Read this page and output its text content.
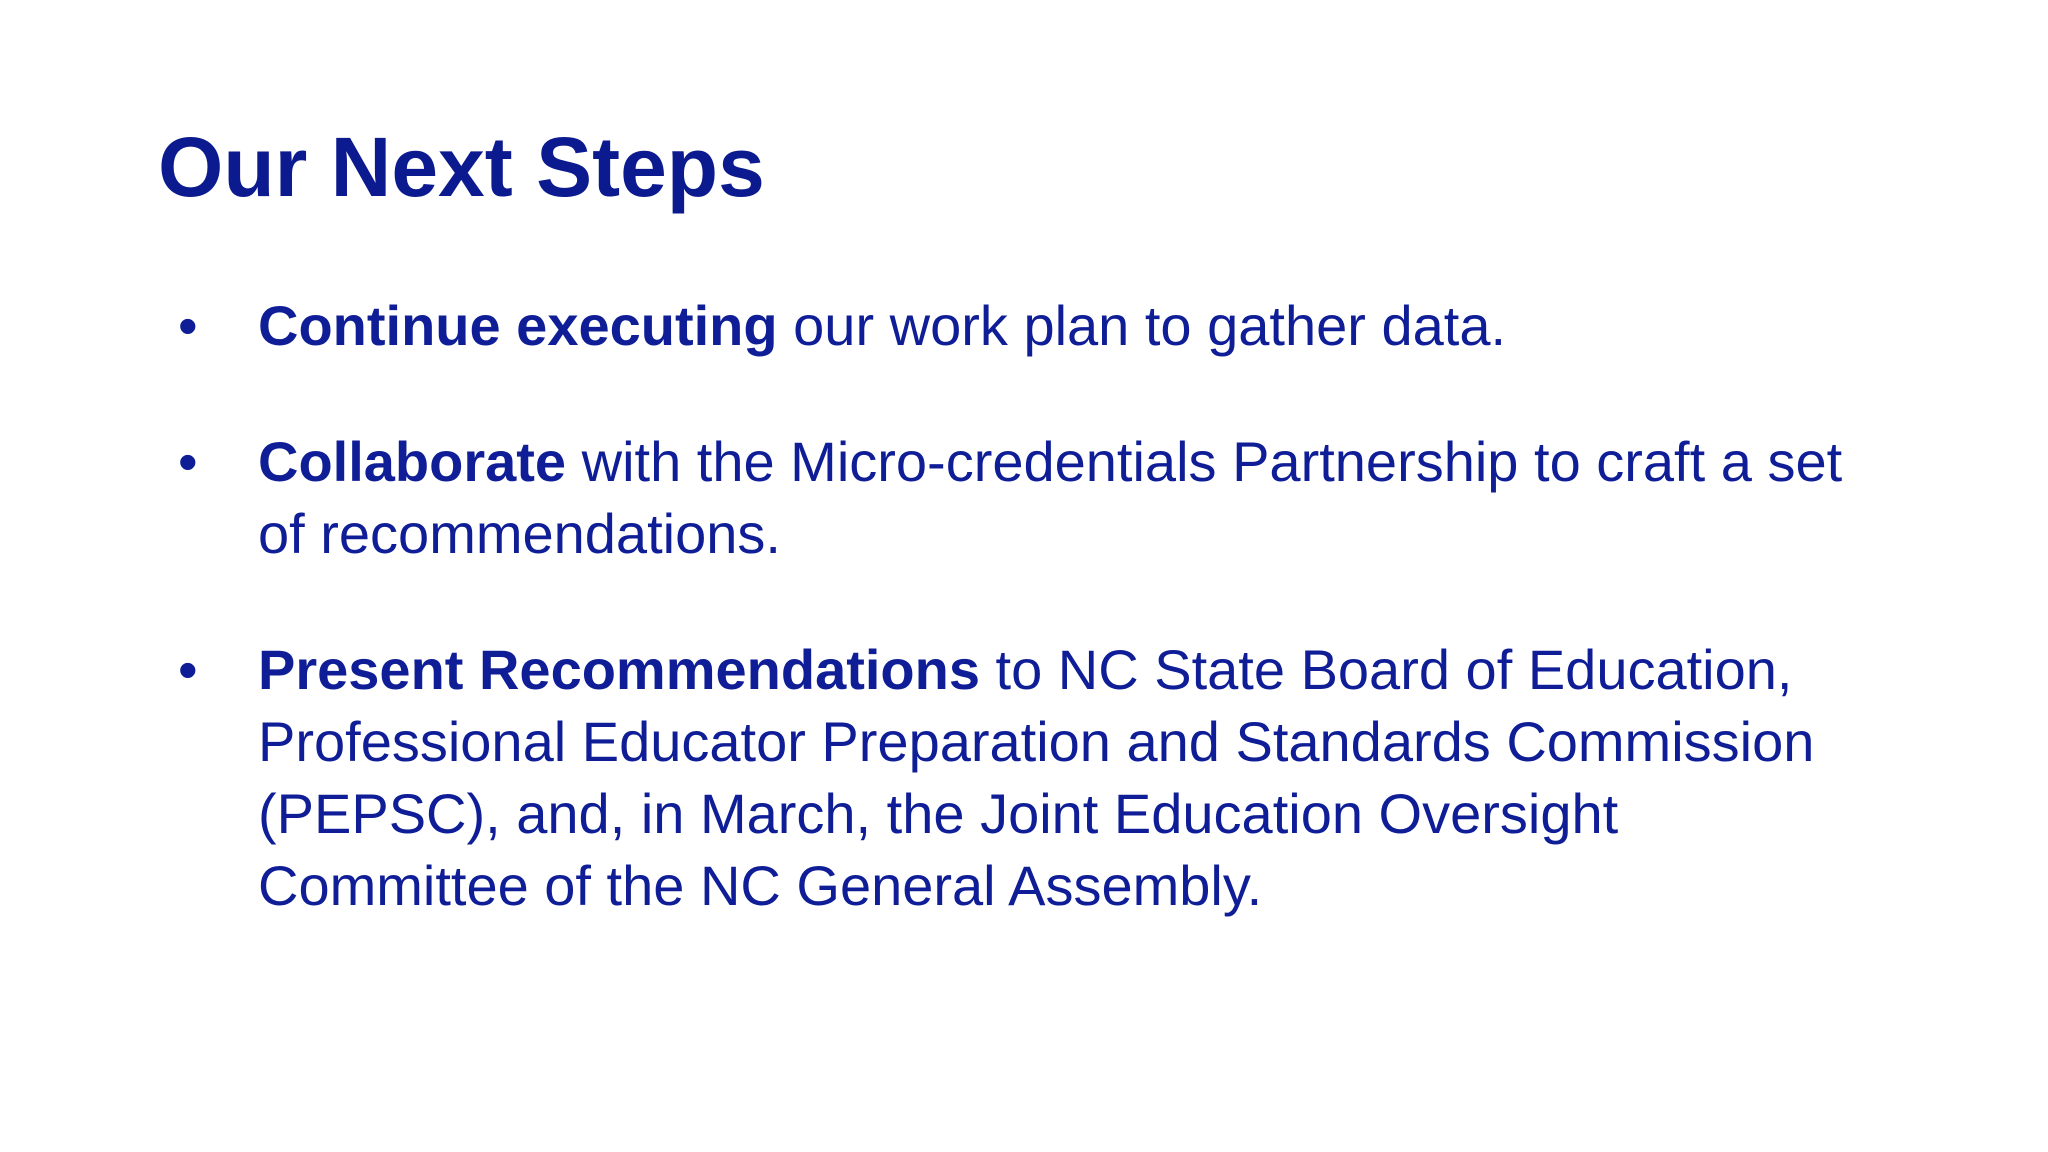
Our Next Steps
• Continue executing our work plan to gather data.

• Collaborate with the Micro-credentials Partnership to craft a set of recommendations.

• Present Recommendations to NC State Board of Education, Professional Educator Preparation and Standards Commission (PEPSC), and, in March, the Joint Education Oversight Committee of the NC General Assembly.
